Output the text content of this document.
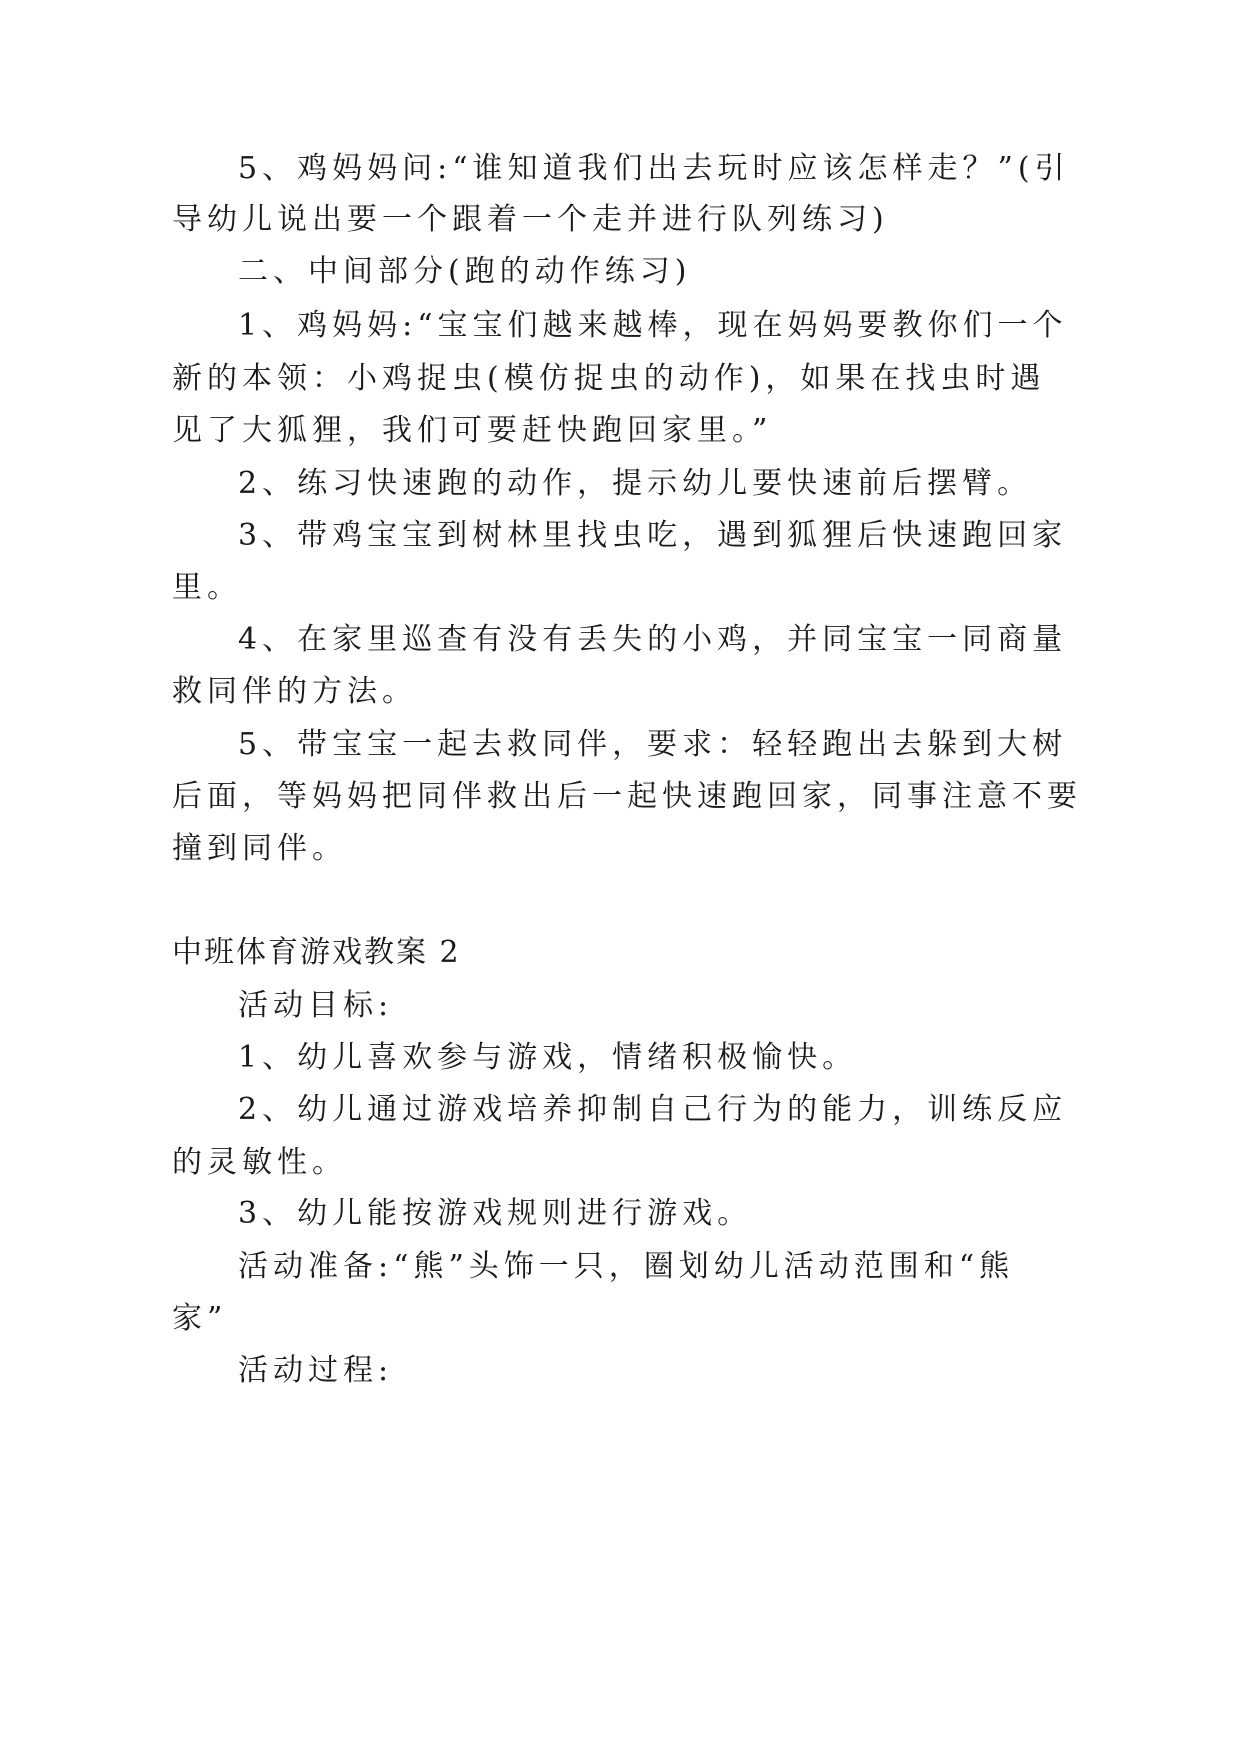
5、鸡妈妈问:“谁知道我们出去玩时应该怎样走？”(引
导幼儿说出要一个跟着一个走并进行队列练习)
二、中间部分(跑的动作练习)
1、鸡妈妈:“宝宝们越来越棒，现在妈妈要教你们一个
新的本领：小鸡捉虫(模仿捉虫的动作)，如果在找虫时遇
见了大狐狸，我们可要赶快跑回家里。”
2、练习快速跑的动作，提示幼儿要快速前后摆臂。
3、带鸡宝宝到树林里找虫吃，遇到狐狸后快速跑回家
里。
4、在家里巡查有没有丢失的小鸡，并同宝宝一同商量
救同伴的方法。
5、带宝宝一起去救同伴，要求：轻轻跑出去躲到大树
后面，等妈妈把同伴救出后一起快速跑回家，同事注意不要
撞到同伴。
中班体育游戏教案 2
活动目标:
1、幼儿喜欢参与游戏，情绪积极愉快。
2、幼儿通过游戏培养抑制自己行为的能力，训练反应
的灵敏性。
3、幼儿能按游戏规则进行游戏。
活动准备:“熊”头饰一只，圈划幼儿活动范围和“熊
家”
活动过程:
